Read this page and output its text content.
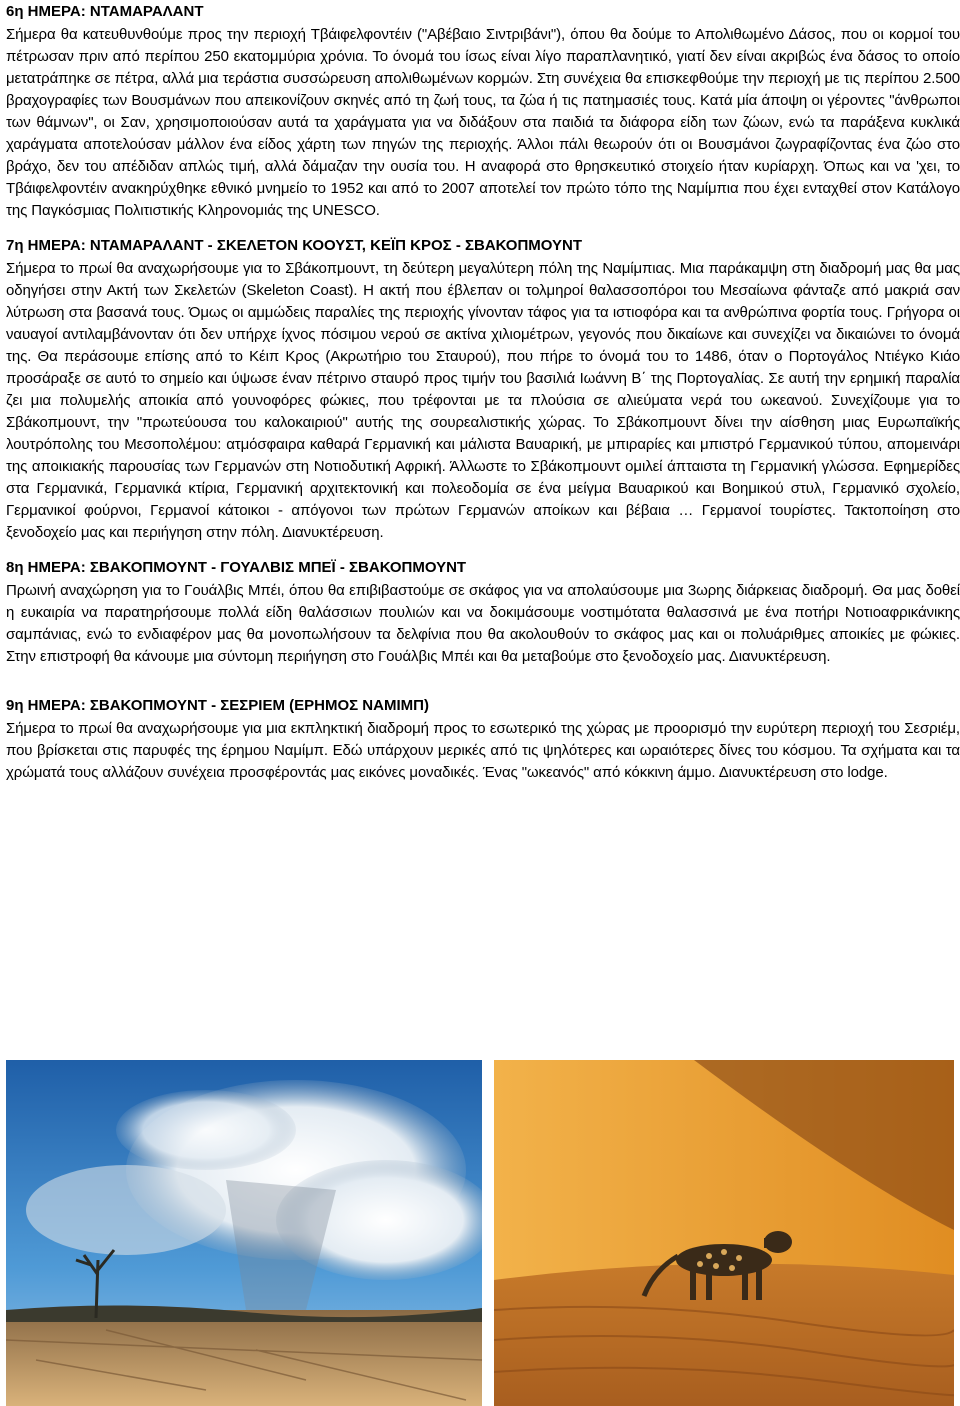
6η ΗΜΕΡΑ: ΝΤΑΜΑΡΑΛΑΝΤ

Σήμερα θα κατευθυνθούμε προς την περιοχή Τβάιφελφοντέιν ("Αβέβαιο Σιντριβάνι"), όπου θα δούμε το Απολιθωμένο Δάσος, που οι κορμοί του πέτρωσαν πριν από περίπου 250 εκατομμύρια χρόνια. Το όνομά του ίσως είναι λίγο παραπλανητικό, γιατί δεν είναι ακριβώς ένα δάσος το οποίο μετατράπηκε σε πέτρα, αλλά μια τεράστια συσσώρευση απολιθωμένων κορμών. Στη συνέχεια θα επισκεφθούμε την περιοχή με τις περίπου 2.500 βραχογραφίες των Βουσμάνων που απεικονίζουν σκηνές από τη ζωή τους, τα ζώα ή τις πατημασιές τους. Κατά μία άποψη οι γέροντες "άνθρωποι των θάμνων", οι Σαν, χρησιμοποιούσαν αυτά τα χαράγματα για να διδάξουν στα παιδιά τα διάφορα είδη των ζώων, ενώ τα παράξενα κυκλικά χαράγματα αποτελούσαν μάλλον ένα είδος χάρτη των πηγών της περιοχής. Άλλοι πάλι θεωρούν ότι οι Βουσμάνοι ζωγραφίζοντας ένα ζώο στο βράχο, δεν του απέδιδαν απλώς τιμή, αλλά δάμαζαν την ουσία του. Η αναφορά στο θρησκευτικό στοιχείο ήταν κυρίαρχη. Όπως και να 'χει, το Τβάιφελφοντέιν ανακηρύχθηκε εθνικό μνημείο το 1952 και από το 2007 αποτελεί τον πρώτο τόπο της Ναμίμπια που έχει ενταχθεί στον Κατάλογο της Παγκόσμιας Πολιτιστικής Κληρονομιάς της UNESCO.

7η ΗΜΕΡΑ: ΝΤΑΜΑΡΑΛΑΝΤ - ΣΚΕΛΕΤΟΝ ΚΟΟΥΣΤ, ΚΕΪΠ ΚΡΟΣ - ΣΒΑΚΟΠΜΟΥΝΤ

Σήμερα το πρωί θα αναχωρήσουμε για το Σβάκοπμουντ, τη δεύτερη μεγαλύτερη πόλη της Ναμίμπιας. Μια παράκαμψη στη διαδρομή μας θα μας οδηγήσει στην Ακτή των Σκελετών (Skeleton Coast). Η ακτή που έβλεπαν οι τολμηροί θαλασσοπόροι του Μεσαίωνα φάνταζε από μακριά σαν λύτρωση στα βασανά τους. Όμως οι αμμώδεις παραλίες της περιοχής γίνονταν τάφος για τα ιστιοφόρα και τα ανθρώπινα φορτία τους. Γρήγορα οι ναυαγοί αντιλαμβάνονταν ότι δεν υπήρχε ίχνος πόσιμου νερού σε ακτίνα χιλιομέτρων, γεγονός που δικαίωνε και συνεχίζει να δικαιώνει το όνομά της. Θα περάσουμε επίσης από το Κέιπ Κρος (Ακρωτήριο του Σταυρού), που πήρε το όνομά του το 1486, όταν ο Πορτογάλος Ντιέγκο Κιάο προσάραξε σε αυτό το σημείο και ύψωσε έναν πέτρινο σταυρό προς τιμήν του βασιλιά Ιωάννη Β΄ της Πορτογαλίας. Σε αυτή την ερημική παραλία ζει μια πολυμελής αποικία από γουνοφόρες φώκιες, που τρέφονται με τα πλούσια σε αλιεύματα νερά του ωκεανού. Συνεχίζουμε για το Σβάκοπμουντ, την "πρωτεύουσα του καλοκαιριού" αυτής της σουρεαλιστικής χώρας. Το Σβάκοπμουντ δίνει την αίσθηση μιας Ευρωπαϊκής λουτρόπολης του Μεσοπολέμου: ατμόσφαιρα καθαρά Γερμανική και μάλιστα Βαυαρική, με μπιραρίες και μπιστρό Γερμανικού τύπου, απομεινάρι της αποικιακής παρουσίας των Γερμανών στη Νοτιοδυτική Αφρική. Άλλωστε το Σβάκοπμουντ ομιλεί άπταιστα τη Γερμανική γλώσσα. Εφημερίδες στα Γερμανικά, Γερμανικά κτίρια, Γερμανική αρχιτεκτονική και πολεοδομία σε ένα μείγμα Βαυαρικού και Βοημικού στυλ, Γερμανικό σχολείο, Γερμανικοί φούρνοι, Γερμανοί κάτοικοι - απόγονοι των πρώτων Γερμανών αποίκων και βέβαια … Γερμανοί τουρίστες. Τακτοποίηση στο ξενοδοχείο μας και περιήγηση στην πόλη. Διανυκτέρευση.

8η ΗΜΕΡΑ: ΣΒΑΚΟΠΜΟΥΝΤ - ΓΟΥΑΛΒΙΣ ΜΠΕΪ - ΣΒΑΚΟΠΜΟΥΝΤ

Πρωινή αναχώρηση για το Γουάλβις Μπέι, όπου θα επιβιβαστούμε σε σκάφος για να απολαύσουμε μια 3ωρης διάρκειας διαδρομή. Θα μας δοθεί η ευκαιρία να παρατηρήσουμε πολλά είδη θαλάσσιων πουλιών και να δοκιμάσουμε νοστιμότατα θαλασσινά με ένα ποτήρι Νοτιοαφρικάνικης σαμπάνιας, ενώ το ενδιαφέρον μας θα μονοπωλήσουν τα δελφίνια που θα ακολουθούν το σκάφος μας και οι πολυάριθμες αποικίες με φώκιες. Στην επιστροφή θα κάνουμε μια σύντομη περιήγηση στο Γουάλβις Μπέι και θα μεταβούμε στο ξενοδοχείο μας. Διανυκτέρευση.

9η ΗΜΕΡΑ: ΣΒΑΚΟΠΜΟΥΝΤ - ΣΕΣΡΙΕΜ (ΕΡΗΜΟΣ ΝΑΜΙΜΠ)

Σήμερα το πρωί θα αναχωρήσουμε για μια εκπληκτική διαδρομή προς το εσωτερικό της χώρας με προορισμό την ευρύτερη περιοχή του Σεσριέμ, που βρίσκεται στις παρυφές της έρημου Ναμίμπ. Εδώ υπάρχουν μερικές από τις ψηλότερες και ωραιότερες δίνες του κόσμου. Τα σχήματα και τα χρώματά τους αλλάζουν συνέχεια προσφέροντάς μας εικόνες μοναδικές. Ένας "ωκεανός" από κόκκινη άμμο. Διανυκτέρευση στο lodge.
